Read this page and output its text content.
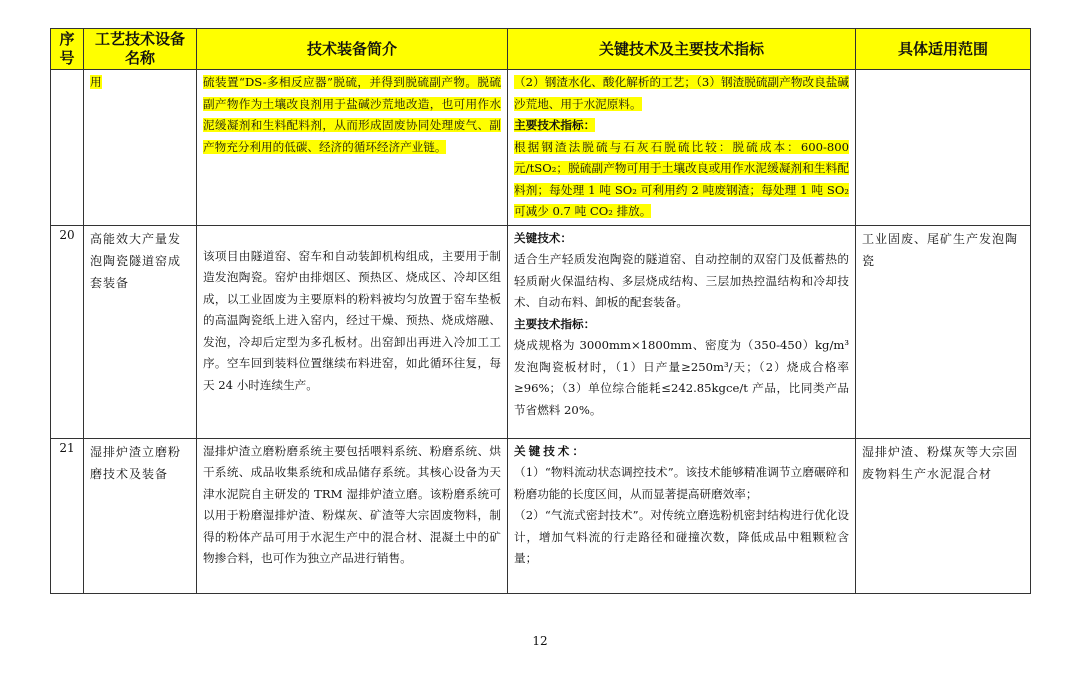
序号	工艺技术设备名称	技术装备简介	关键技术及主要技术指标	具体适用范围

	用	硫装置“DS-多相反应器”脱硫，并得到脱硫副产物。脱硫副产物作为土壤改良剂用于盐碱沙荒地改造，也可用作水泥缓凝剂和生料配料剂，从而形成固废协同处理废气、副产物充分利用的低碳、经济的循环经济产业链。	（2）钢渣水化、酸化解析的工艺；（3）钢渣脱硫副产物改良盐碱沙荒地、用于水泥原料。
主要技术指标：
根据钢渣法脱硫与石灰石脱硫比较：脱硫成本：600-800 元/tSO₂；脱硫副产物可用于土壤改良或用作水泥缓凝剂和生料配料剂；每处理 1 吨 SO₂ 可利用约 2 吨废钢渣；每处理 1 吨 SO₂ 可减少 0.7 吨 CO₂ 排放。	

20	高能效大产量发泡陶瓷隧道窑成套装备	该项目由隧道窑、窑车和自动装卸机构组成，主要用于制造发泡陶瓷。窑炉由排烟区、预热区、烧成区、冷却区组成，以工业固废为主要原料的粉料被均匀放置于窑车垫板的高温陶瓷纸上进入窑内，经过干燥、预热、烧成熔融、发泡，冷却后定型为多孔板材。出窑卸出再进入冷加工工序。空车回到装料位置继续布料进窑，如此循环往复，每天 24 小时连续生产。	关键技术：
适合生产轻质发泡陶瓷的隧道窑、自动控制的双窑门及低蓄热的轻质耐火保温结构、多层烧成结构、三层加热控温结构和冷却技术、自动布料、卸板的配套装备。
主要技术指标：
烧成规格为 3000mm×1800mm、密度为（350-450）kg/m³发泡陶瓷板材时，（1）日产量≥250m³/天；（2）烧成合格率≥96%；（3）单位综合能耗≤242.85kgce/t 产品，比同类产品节省燃料 20%。	工业固废、尾矿生产发泡陶瓷
21	湿排炉渣立磨粉磨技术及装备	湿排炉渣立磨粉磨系统主要包括喂料系统、粉磨系统、烘干系统、成品收集系统和成品储存系统。其核心设备为天津水泥院自主研发的 TRM 湿排炉渣立磨。该粉磨系统可以用于粉磨湿排炉渣、粉煤灰、矿渣等大宗固废物料，制得的粉体产品可用于水泥生产中的混合材、混凝土中的矿物掺合料，也可作为独立产品进行销售。	关键技术：
（1）“物料流动状态调控技术”。该技术能够精准调节立磨碾碎和粉磨功能的长度区间，从而显著提高研磨效率；
（2）“气流式密封技术”。对传统立磨选粉机密封结构进行优化设计，增加气料流的行走路径和碰撞次数，降低成品中粗颗粒含量；	湿排炉渣、粉煤灰等大宗固废物料生产水泥混合材
12
